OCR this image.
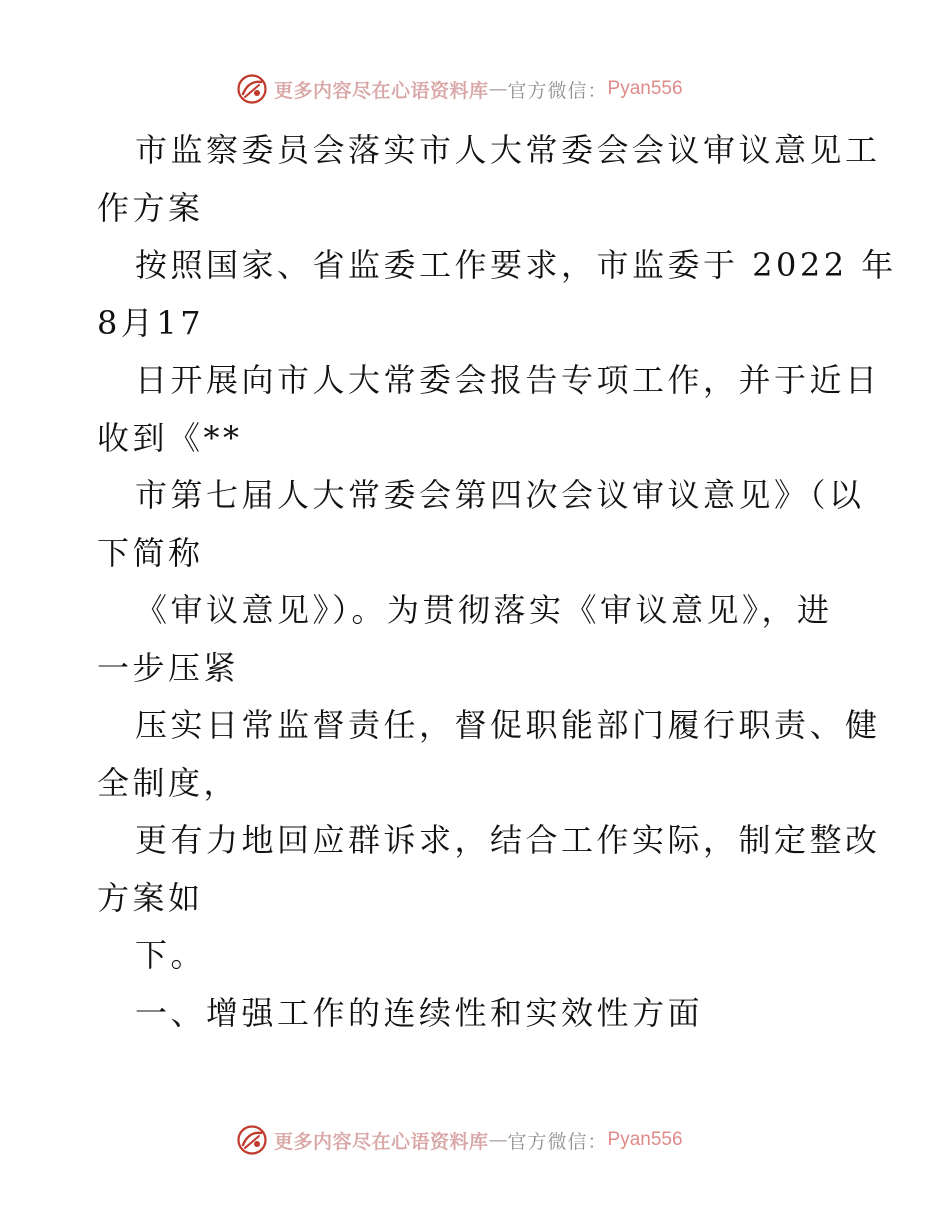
更多内容尽在心语资料库 — 官方微信： Pyan556
市监察委员会落实市人大常委会会议审议意见工
作方案
按照国家、省监委工作要求，市监委于 2022 年
8月17
日开展向市人大常委会报告专项工作，并于近日
收到《**
市第七届人大常委会第四次会议审议意见》（以
下简称
《审议意见》）。为贯彻落实《审议意见》，进
一步压紧
压实日常监督责任，督促职能部门履行职责、健
全制度，
更有力地回应群诉求，结合工作实际，制定整改
方案如
下。
一、增强工作的连续性和实效性方面
更多内容尽在心语资料库 — 官方微信： Pyan556
